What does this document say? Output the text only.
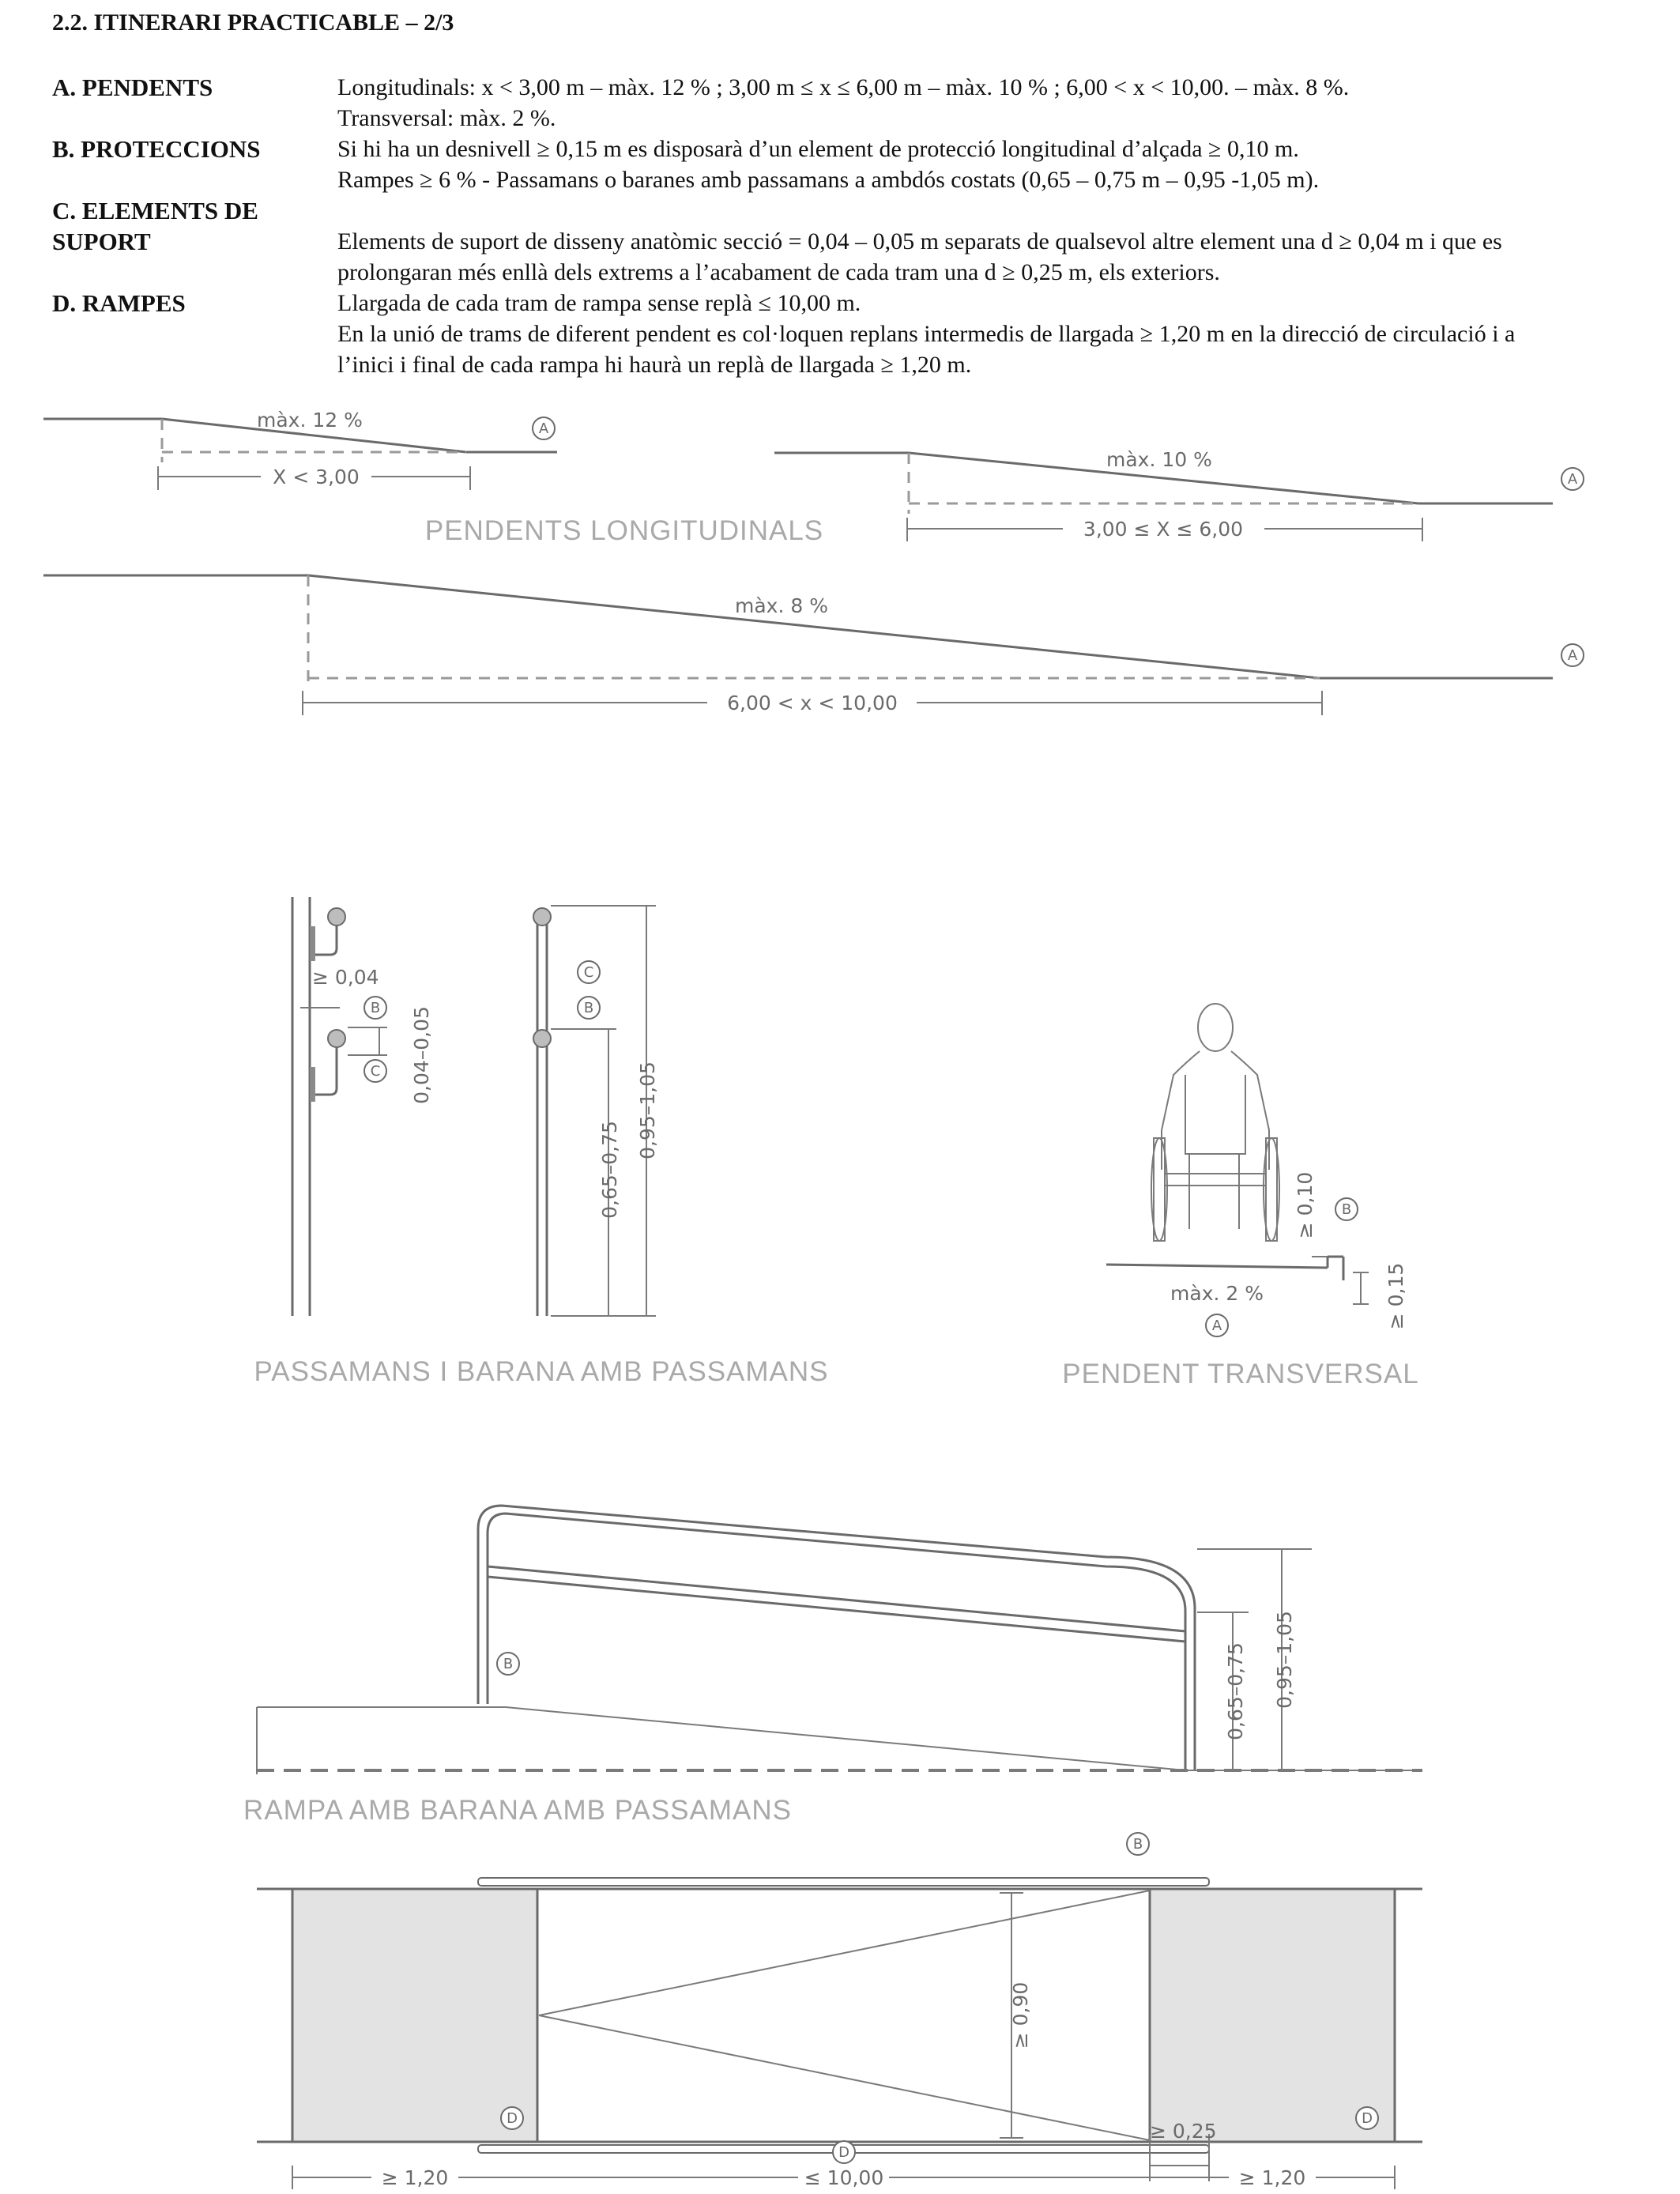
2.2. ITINERARI PRACTICABLE – 2/3
A. PENDENTS	Longitudinals: x < 3,00 m – màx. 12 % ; 3,00 m ≤ x ≤ 6,00 m – màx. 10 % ; 6,00 < x < 10,00. – màx. 8 %.
Transversal: màx. 2 %.
B. PROTECCIONS	Si hi ha un desnivell ≥ 0,15 m es disposarà d’un element de protecció longitudinal d’alçada ≥ 0,10 m.
Rampes ≥ 6 % - Passamans o baranes amb passamans a ambdós costats (0,65 – 0,75 m – 0,95 -1,05 m).
C. ELEMENTS DE
SUPORT	Elements de suport de disseny anatòmic secció = 0,04 – 0,05 m separats de qualsevol altre element una d ≥ 0,04 m i que es
prolongaran més enllà dels extrems a l’acabament de cada tram una d ≥ 0,25 m, els exteriors.
D. RAMPES	Llargada de cada tram de rampa sense replà ≤ 10,00 m.
En la unió de trams de diferent pendent es col·loquen replans intermedis de llargada ≥ 1,20 m en la direcció de circulació i a
l’inici i final de cada rampa hi haurà un replà de llargada ≥ 1,20 m.
màx. 12 %	A
X < 3,00
PENDENTS LONGITUDINALS
màx. 10 %
A
3,00 ≤ X ≤ 6,00
màx. 8 %
A
6,00 < x < 10,00
≥ 0,04
0,04–0,05
B
C
0,65–0,75
0,95–1,05
C
B
PASSAMANS I BARANA AMB PASSAMANS
≥ 0,10 B
≥ 0,15
màx. 2 %
A
PENDENT TRANSVERSAL
B	0,65–0,75 0,95–1,05
RAMPA AMB BARANA AMB PASSAMANS
B
≥ 0,90
D	D
≥ 0,25
≥ 1,20	≤ 10,00	≥ 1,20
D
